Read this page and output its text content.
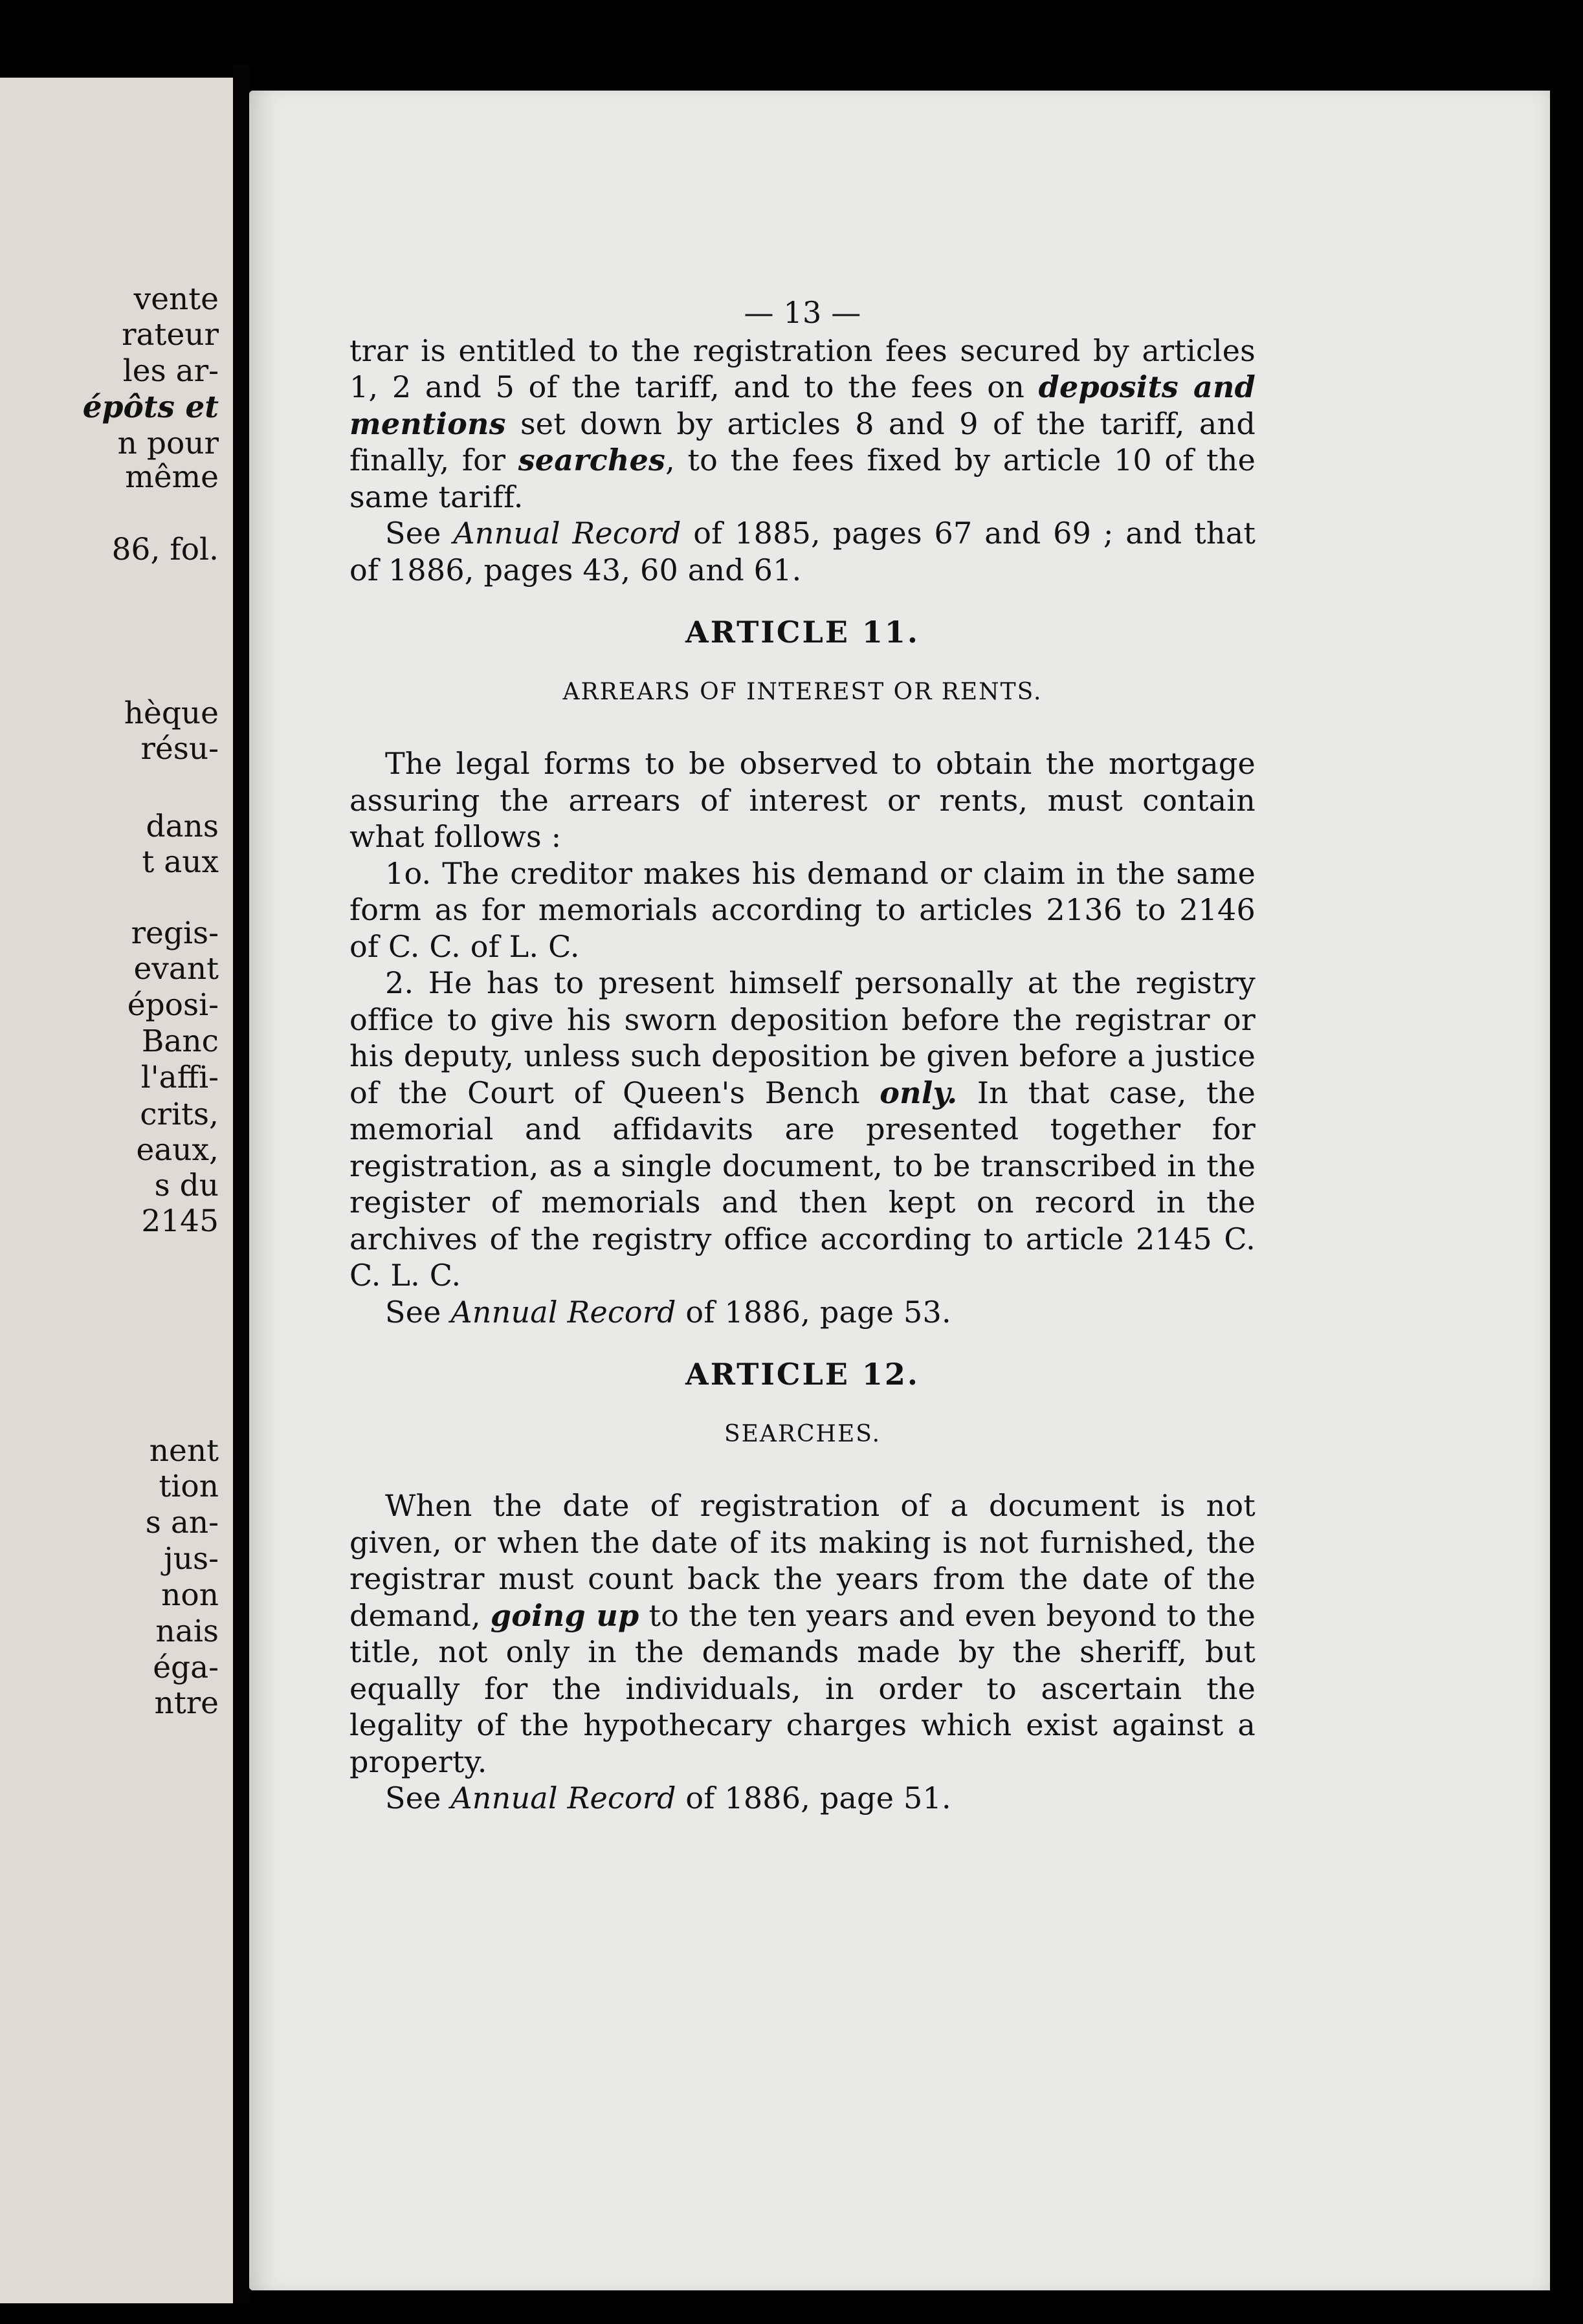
vente
rateur
les ar-
épôts et
n pour
même
86, fol.
hèque
résu-
dans
t aux
regis-
evant
éposi-
Banc
l'affi-
crits,
eaux,
s du
2145
nent
tion
s an-
jus-
non
nais
éga-
ntre
— 13 —

trar is entitled to the registration fees secured by articles 1, 2 and 5 of the tariff, and to the fees on deposits and mentions set down by articles 8 and 9 of the tariff, and finally, for searches, to the fees fixed by article 10 of the same tariff.

See Annual Record of 1885, pages 67 and 69 ; and that of 1886, pages 43, 60 and 61.

ARTICLE 11.
ARREARS OF INTEREST OR RENTS.

The legal forms to be observed to obtain the mortgage assuring the arrears of interest or rents, must contain what follows :

1o. The creditor makes his demand or claim in the same form as for memorials according to articles 2136 to 2146 of C. C. of L. C.

2. He has to present himself personally at the registry office to give his sworn deposition before the registrar or his deputy, unless such deposition be given before a justice of the Court of Queen's Bench only. In that case, the memorial and affidavits are presented together for registration, as a single document, to be transcribed in the register of memorials and then kept on record in the archives of the registry office according to article 2145 C. C. L. C.

See Annual Record of 1886, page 53.

ARTICLE 12.
SEARCHES.

When the date of registration of a document is not given, or when the date of its making is not furnished, the registrar must count back the years from the date of the demand, going up to the ten years and even beyond to the title, not only in the demands made by the sheriff, but equally for the individuals, in order to ascertain the legality of the hypothecary charges which exist against a property.

See Annual Record of 1886, page 51.
